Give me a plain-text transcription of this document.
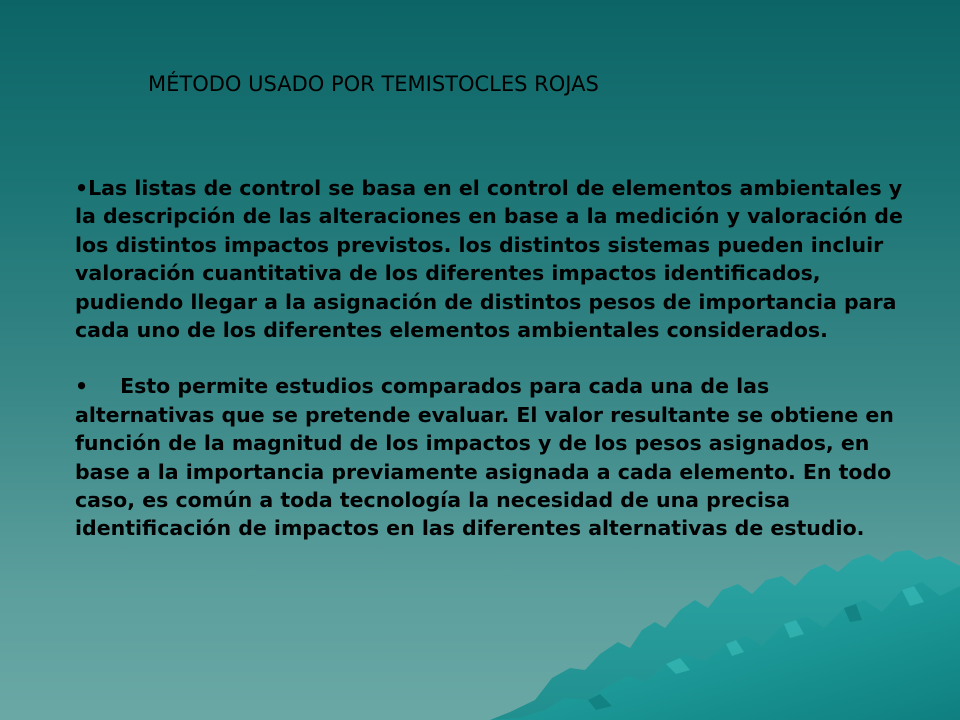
MÉTODO USADO POR TEMISTOCLES ROJAS

•Las listas de control se basa en el control de elementos ambientales y la descripción de las alteraciones en base a la medición y valoración de los distintos impactos previstos. los distintos sistemas pueden incluir valoración cuantitativa de los diferentes impactos identificados, pudiendo llegar a la asignación de distintos pesos de importancia para cada uno de los diferentes elementos ambientales considerados.

• Esto permite estudios comparados para cada una de las alternativas que se pretende evaluar. El valor resultante se obtiene en función de la magnitud de los impactos y de los pesos asignados, en base a la importancia previamente asignada a cada elemento. En todo caso, es común a toda tecnología la necesidad de una precisa identificación de impactos en las diferentes alternativas de estudio.
